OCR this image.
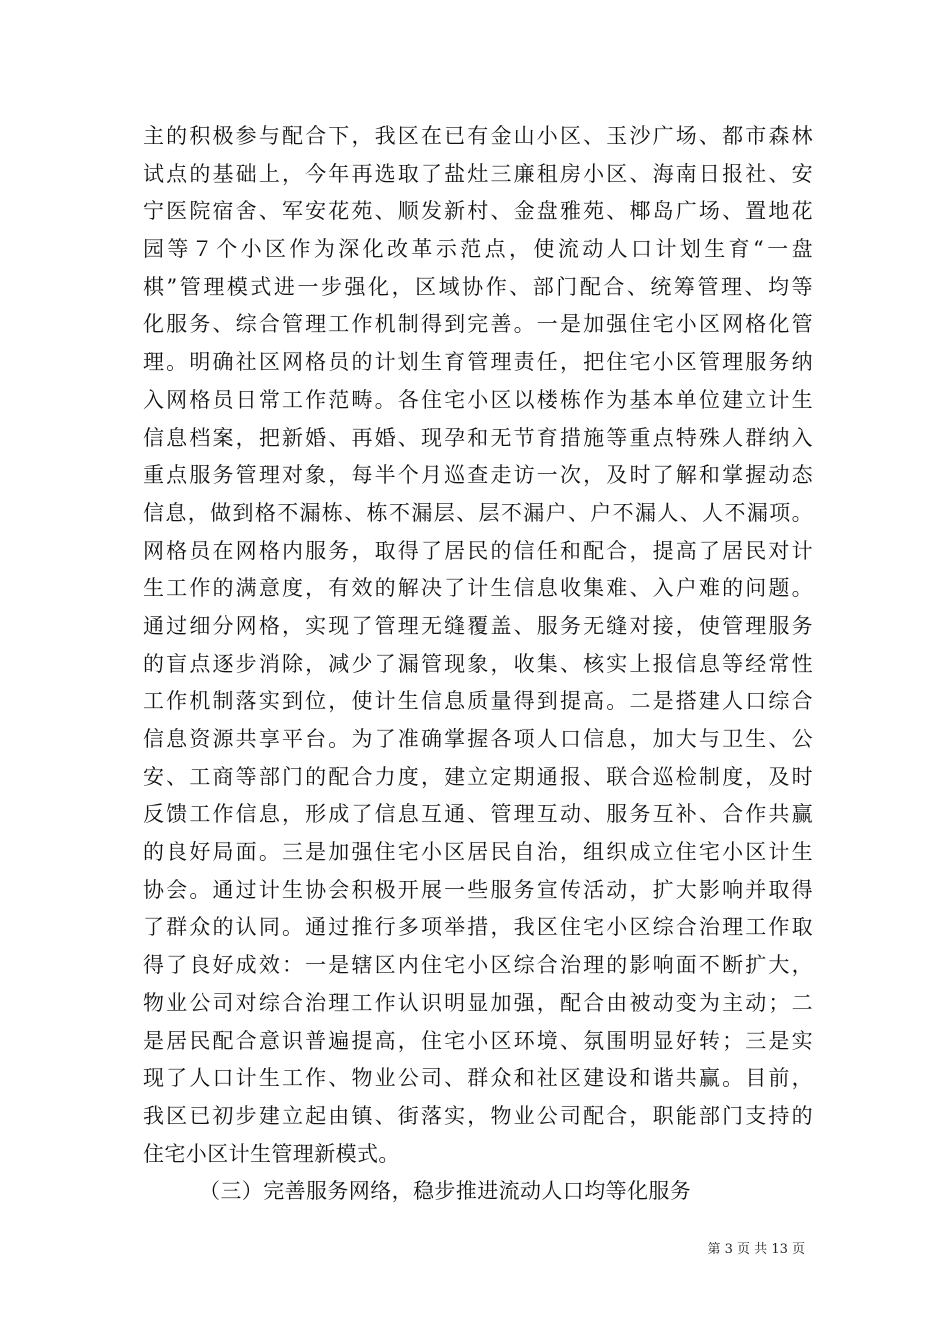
主的积极参与配合下，我区在已有金山小区、玉沙广场、都市森林
试点的基础上，今年再选取了盐灶三廉租房小区、海南日报社、安
宁医院宿舍、军安花苑、顺发新村、金盘雅苑、椰岛广场、置地花
园等７个小区作为深化改革示范点，使流动人口计划生育“一盘
棋”管理模式进一步强化，区域协作、部门配合、统筹管理、均等
化服务、综合管理工作机制得到完善。一是加强住宅小区网格化管
理。明确社区网格员的计划生育管理责任，把住宅小区管理服务纳
入网格员日常工作范畴。各住宅小区以楼栋作为基本单位建立计生
信息档案，把新婚、再婚、现孕和无节育措施等重点特殊人群纳入
重点服务管理对象，每半个月巡查走访一次，及时了解和掌握动态
信息，做到格不漏栋、栋不漏层、层不漏户、户不漏人、人不漏项。
网格员在网格内服务，取得了居民的信任和配合，提高了居民对计
生工作的满意度，有效的解决了计生信息收集难、入户难的问题。
通过细分网格，实现了管理无缝覆盖、服务无缝对接，使管理服务
的盲点逐步消除，减少了漏管现象，收集、核实上报信息等经常性
工作机制落实到位，使计生信息质量得到提高。二是搭建人口综合
信息资源共享平台。为了准确掌握各项人口信息，加大与卫生、公
安、工商等部门的配合力度，建立定期通报、联合巡检制度，及时
反馈工作信息，形成了信息互通、管理互动、服务互补、合作共赢
的良好局面。三是加强住宅小区居民自治，组织成立住宅小区计生
协会。通过计生协会积极开展一些服务宣传活动，扩大影响并取得
了群众的认同。通过推行多项举措，我区住宅小区综合治理工作取
得了良好成效：一是辖区内住宅小区综合治理的影响面不断扩大，
物业公司对综合治理工作认识明显加强，配合由被动变为主动；二
是居民配合意识普遍提高，住宅小区环境、氛围明显好转；三是实
现了人口计生工作、物业公司、群众和社区建设和谐共赢。目前，
我区已初步建立起由镇、街落实，物业公司配合，职能部门支持的
住宅小区计生管理新模式。
（三）完善服务网络，稳步推进流动人口均等化服务
第 3 页 共 13 页
